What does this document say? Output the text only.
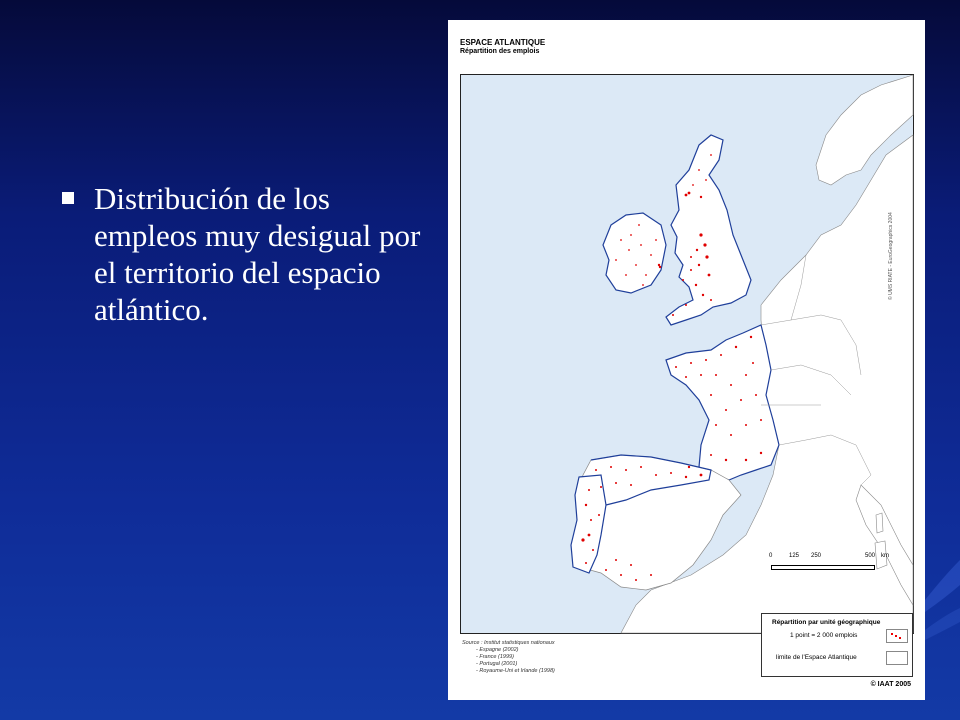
Distribución de los empleos muy desigual por el territorio del espacio atlántico.
ESPACE ATLANTIQUE
Répartition des emplois
0	125 250	500 km
Répartition par unité géographique
1 point = 2 000 emplois
limite de l'Espace Atlantique
© UMS RIATE - EuroGeographics 2004
Source : Institut statistiques nationaux
- Espagne (2002)
- France (1999)
- Portugal (2001)
- Royaume-Uni et Irlande (1998)
© IAAT 2005
